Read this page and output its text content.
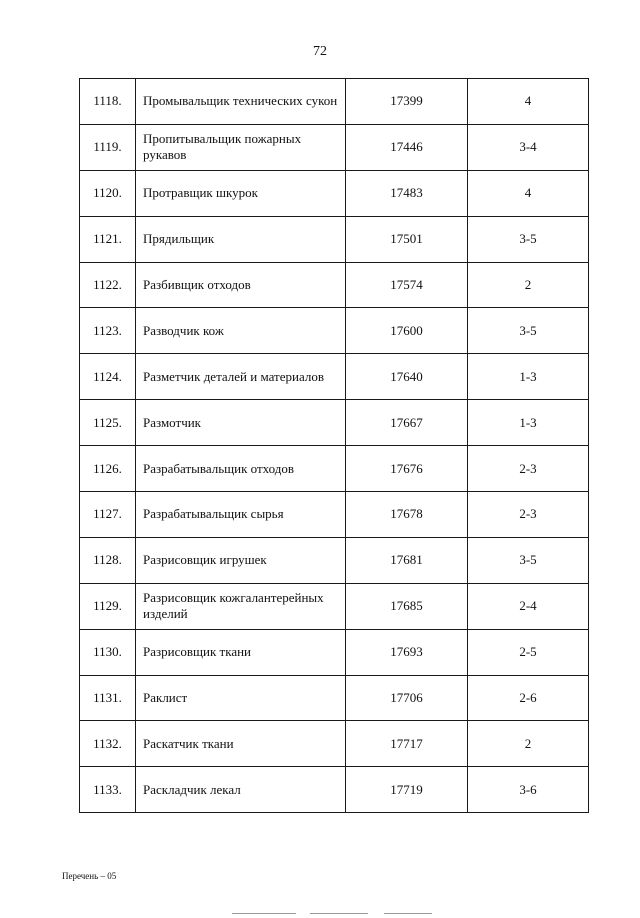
72
1118.	Промывальщик технических сукон	17399	4
1119.	Пропитывальщик пожарных рукавов	17446	3-4
1120.	Протравщик шкурок	17483	4
1121.	Прядильщик	17501	3-5
1122.	Разбивщик отходов	17574	2
1123.	Разводчик кож	17600	3-5
1124.	Разметчик деталей и материалов	17640	1-3
1125.	Размотчик	17667	1-3
1126.	Разрабатывальщик отходов	17676	2-3
1127.	Разрабатывальщик сырья	17678	2-3
1128.	Разрисовщик игрушек	17681	3-5
1129.	Разрисовщик кожгалантерейных изделий	17685	2-4
1130.	Разрисовщик ткани	17693	2-5
1131.	Раклист	17706	2-6
1132.	Раскатчик ткани	17717	2
1133.	Раскладчик лекал	17719	3-6
Перечень – 05
